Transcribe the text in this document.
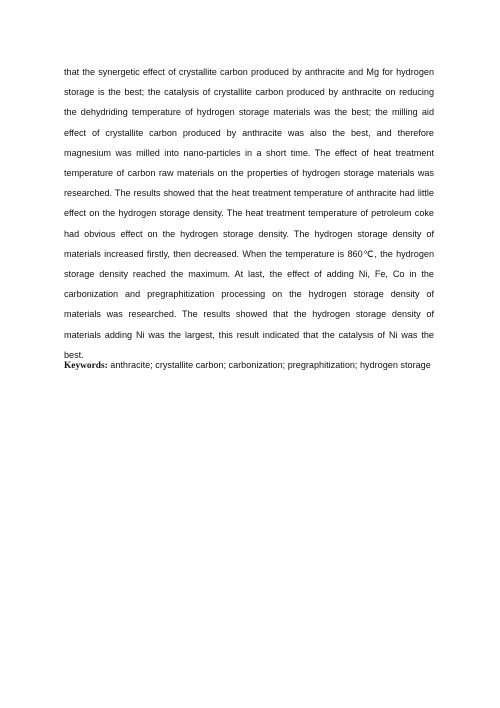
that the synergetic effect of crystallite carbon produced by anthracite and Mg for hydrogen storage is the best; the catalysis of crystallite carbon produced by anthracite on reducing the dehydriding temperature of hydrogen storage materials was the best; the milling aid effect of crystallite carbon produced by anthracite was also the best, and therefore magnesium was milled into nano-particles in a short time. The effect of heat treatment temperature of carbon raw materials on the properties of hydrogen storage materials was researched. The results showed that the heat treatment temperature of anthracite had little effect on the hydrogen storage density. The heat treatment temperature of petroleum coke had obvious effect on the hydrogen storage density. The hydrogen storage density of materials increased firstly, then decreased. When the temperature is 860℃, the hydrogen storage density reached the maximum. At last, the effect of adding Ni, Fe, Co in the carbonization and pregraphitization processing on the hydrogen storage density of materials was researched. The results showed that the hydrogen storage density of materials adding Ni was the largest, this result indicated that the catalysis of Ni was the best.

Keywords: anthracite; crystallite carbon; carbonization; pregraphitization; hydrogen storage
